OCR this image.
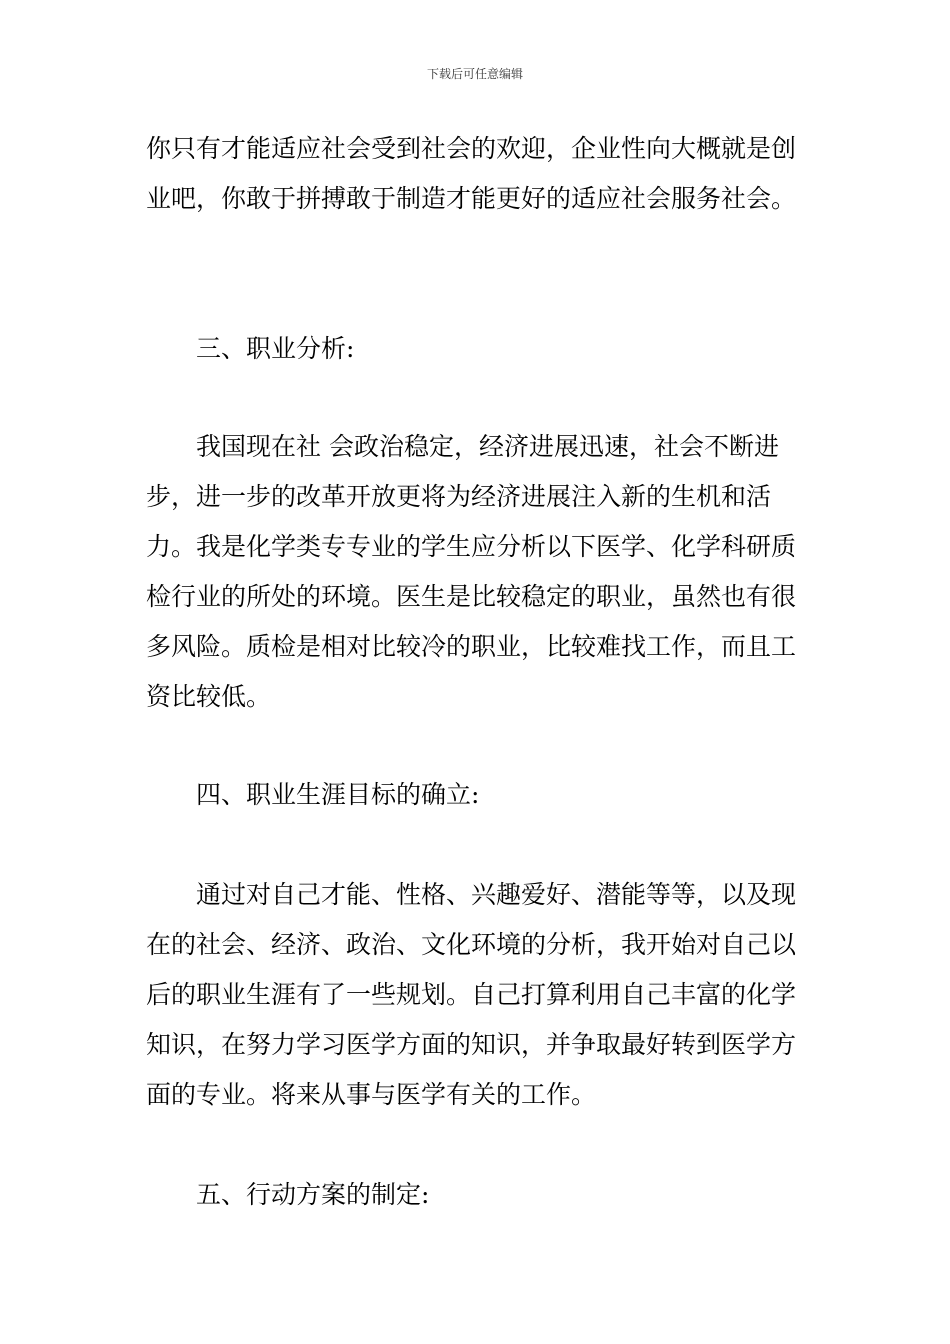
下载后可任意编辑

你只有才能适应社会受到社会的欢迎，企业性向大概就是创业吧，你敢于拼搏敢于制造才能更好的适应社会服务社会。

三、职业分析:

我国现在社 会政治稳定，经济进展迅速，社会不断进步，进一步的改革开放更将为经济进展注入新的生机和活力。我是化学类专专业的学生应分析以下医学、化学科研质检行业的所处的环境。医生是比较稳定的职业，虽然也有很多风险。质检是相对比较冷的职业，比较难找工作，而且工资比较低。

四、职业生涯目标的确立:

通过对自己才能、性格、兴趣爱好、潜能等等，以及现在的社会、经济、政治、文化环境的分析，我开始对自己以后的职业生涯有了一些规划。自己打算利用自己丰富的化学知识，在努力学习医学方面的知识，并争取最好转到医学方面的专业。将来从事与医学有关的工作。

五、行动方案的制定:
